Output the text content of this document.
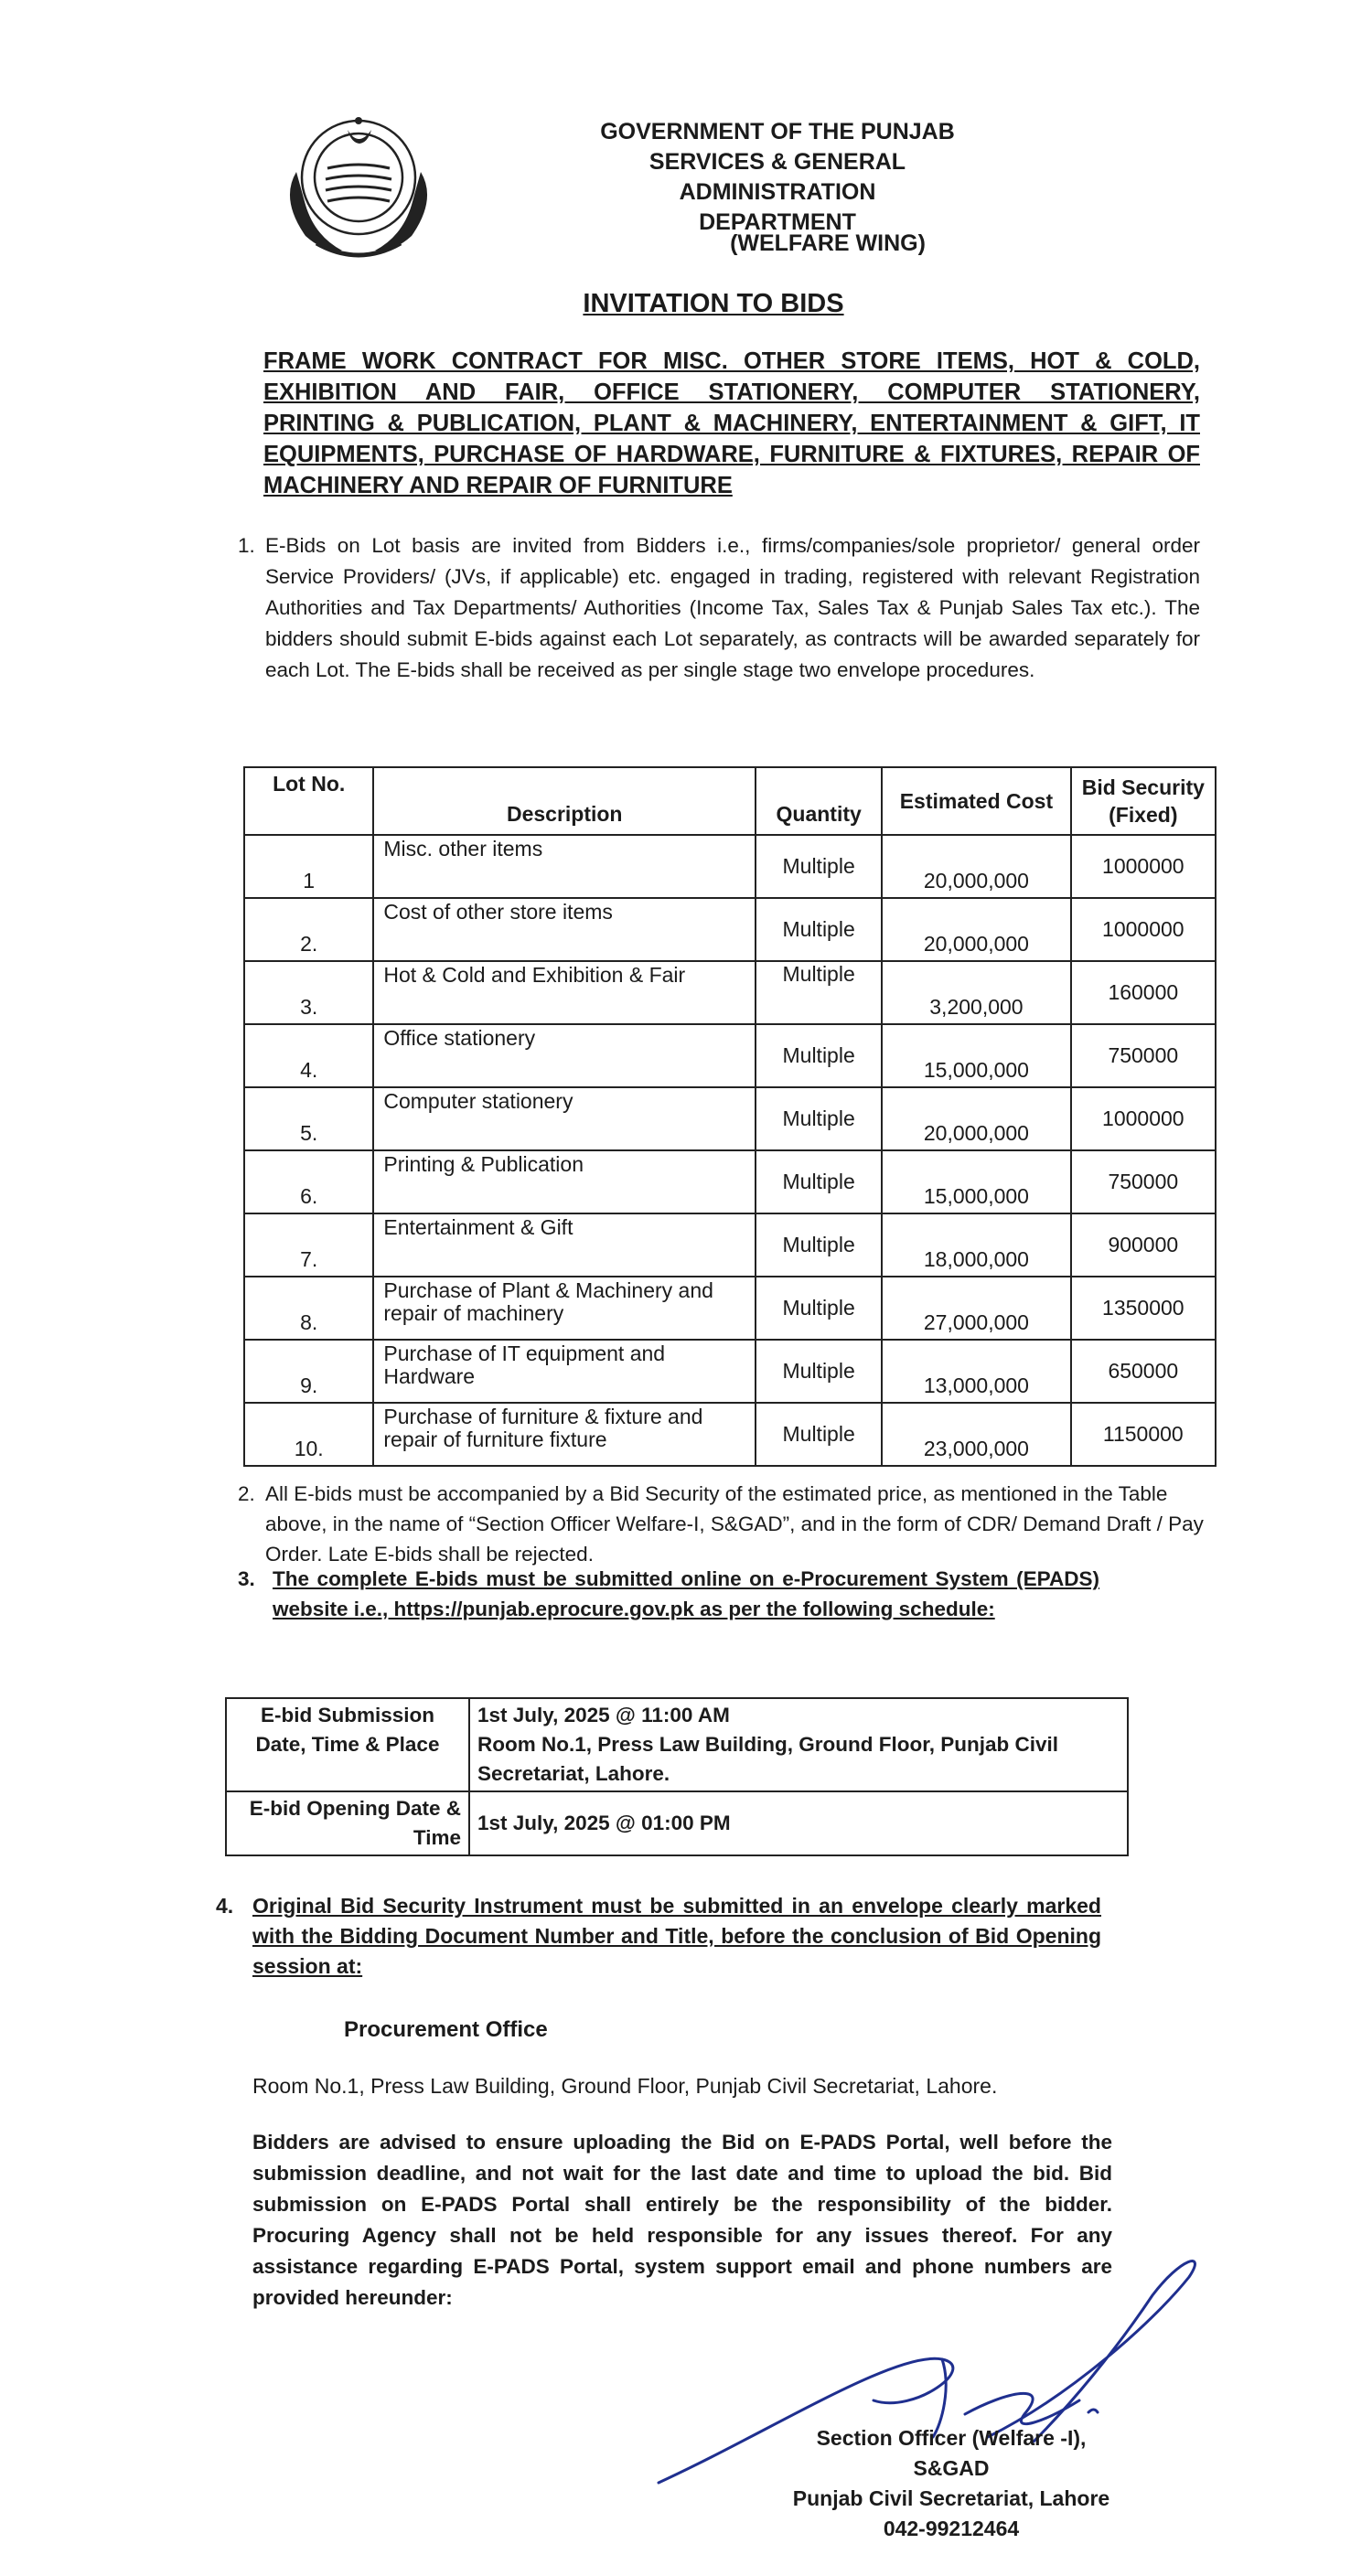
GOVERNMENT OF THE PUNJAB
SERVICES & GENERAL ADMINISTRATION
DEPARTMENT
(WELFARE WING)
INVITATION TO BIDS
FRAME WORK CONTRACT FOR MISC. OTHER STORE ITEMS, HOT & COLD,
EXHIBITION AND FAIR, OFFICE STATIONERY, COMPUTER STATIONERY,
PRINTING & PUBLICATION, PLANT & MACHINERY, ENTERTAINMENT & GIFT, IT
EQUIPMENTS, PURCHASE OF HARDWARE, FURNITURE & FIXTURES, REPAIR OF
MACHINERY AND REPAIR OF FURNITURE
1. E-Bids on Lot basis are invited from Bidders i.e., firms/companies/sole proprietor/ general order Service Providers/ (JVs, if applicable) etc. engaged in trading, registered with relevant Registration Authorities and Tax Departments/ Authorities (Income Tax, Sales Tax & Punjab Sales Tax etc.). The bidders should submit E-bids against each Lot separately, as contracts will be awarded separately for each Lot. The E-bids shall be received as per single stage two envelope procedures.
Lot No.	Description	Quantity	Estimated Cost	Bid Security (Fixed)
1	Misc. other items	Multiple	20,000,000	1000000
2.	Cost of other store items	Multiple	20,000,000	1000000
3.	Hot & Cold and Exhibition & Fair	Multiple	3,200,000	160000
4.	Office stationery	Multiple	15,000,000	750000
5.	Computer stationery	Multiple	20,000,000	1000000
6.	Printing & Publication	Multiple	15,000,000	750000
7.	Entertainment & Gift	Multiple	18,000,000	900000
8.	Purchase of Plant & Machinery and repair of machinery	Multiple	27,000,000	1350000
9.	Purchase of IT equipment and Hardware	Multiple	13,000,000	650000
10.	Purchase of furniture & fixture and repair of furniture fixture	Multiple	23,000,000	1150000
2. All E-bids must be accompanied by a Bid Security of the estimated price, as mentioned in the Table above, in the name of “Section Officer Welfare-I, S&GAD”, and in the form of CDR/ Demand Draft / Pay Order. Late E-bids shall be rejected.
3. The complete E-bids must be submitted online on e-Procurement System (EPADS) website i.e., https://punjab.eprocure.gov.pk as per the following schedule:
E-bid Submission Date, Time & Place	1st July, 2025 @ 11:00 AM
Room No.1, Press Law Building, Ground Floor, Punjab Civil Secretariat, Lahore.

E-bid Opening Date & Time	1st July, 2025 @ 01:00 PM
4. Original Bid Security Instrument must be submitted in an envelope clearly marked with the Bidding Document Number and Title, before the conclusion of Bid Opening session at:
Procurement Office
Room No.1, Press Law Building, Ground Floor, Punjab Civil Secretariat, Lahore.
Bidders are advised to ensure uploading the Bid on E-PADS Portal, well before the submission deadline, and not wait for the last date and time to upload the bid. Bid submission on E-PADS Portal shall entirely be the responsibility of the bidder. Procuring Agency shall not be held responsible for any issues thereof. For any assistance regarding E-PADS Portal, system support email and phone numbers are provided hereunder:
Section Officer (Welfare -I),
S&GAD
Punjab Civil Secretariat, Lahore
042-99212464
